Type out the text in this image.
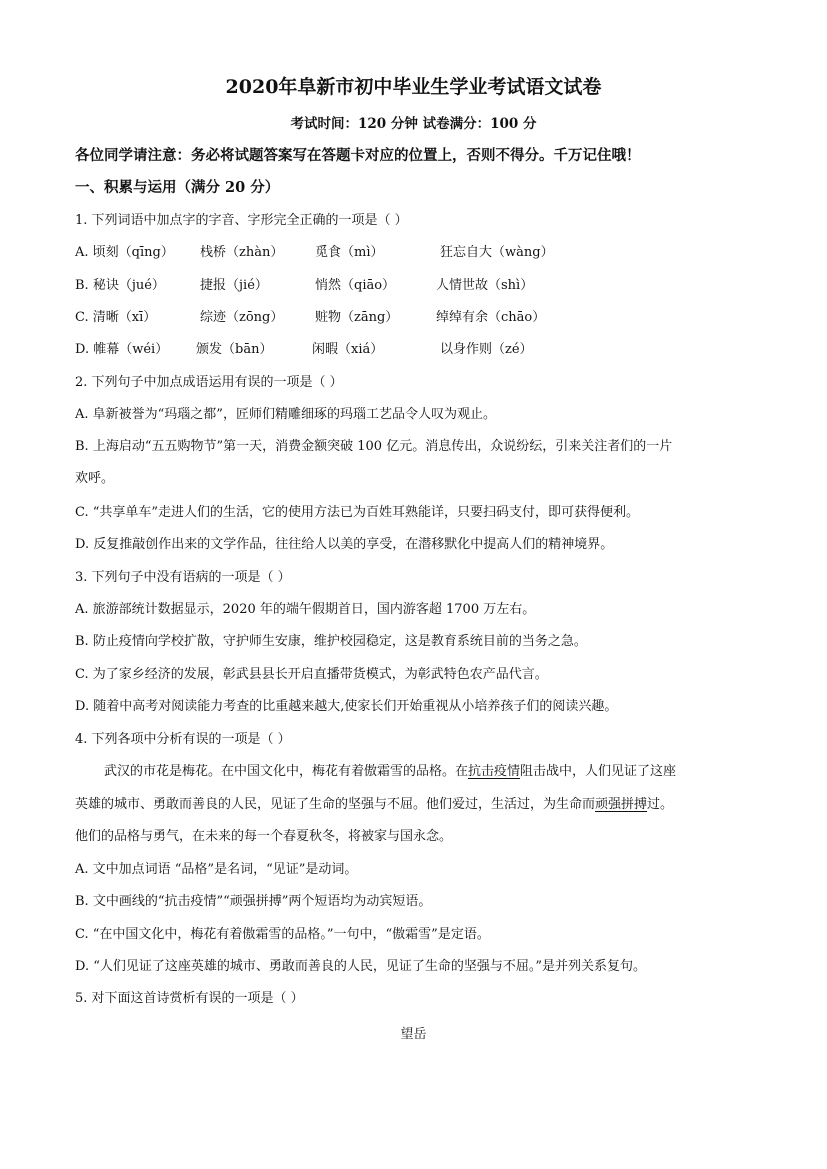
2020年阜新市初中毕业生学业考试语文试卷
考试时间：120 分钟 试卷满分：100 分
各位同学请注意：务必将试题答案写在答题卡对应的位置上，否则不得分。千万记住哦！
一、积累与运用（满分 20 分）
1. 下列词语中加点字的字音、字形完全正确的一项是（ ）
A. 顷刻（qīng） 栈桥（zhàn） 觅食（mì）	狂忘自大（wàng）
B. 秘诀（jué）	捷报（jié）	悄然（qiāo）	人情世故（shì）
C. 清晰（xī）	综迹（zōng） 赃物（zāng）	绰绰有余（chāo）
D. 帷幕（wéi） 颁发（bān）	闲暇（xiá）	以身作则（zé）
2. 下列句子中加点成语运用有误的一项是（ ）
A. 阜新被誉为“玛瑙之都”，匠师们精雕细琢的玛瑙工艺品令人叹为观止。
B. 上海启动“五五购物节”第一天，消费金额突破 100 亿元。消息传出，众说纷纭，引来关注者们的一片
欢呼。
C. “共享单车”走进人们的生活，它的使用方法已为百姓耳熟能详，只要扫码支付，即可获得便利。
D. 反复推敲创作出来的文学作品，往往给人以美的享受，在潜移默化中提高人们的精神境界。
3. 下列句子中没有语病的一项是（ ）
A. 旅游部统计数据显示，2020 年的端午假期首日，国内游客超 1700 万左右。
B. 防止疫情向学校扩散，守护师生安康，维护校园稳定，这是教育系统目前的当务之急。
C. 为了家乡经济的发展，彰武县县长开启直播带货模式，为彰武特色农产品代言。
D. 随着中高考对阅读能力考查的比重越来越大,使家长们开始重视从小培养孩子们的阅读兴趣。
4. 下列各项中分析有误的一项是（ ）
武汉的市花是梅花。在中国文化中，梅花有着傲霜雪的品格。在抗击疫情阻击战中，人们见证了这座
英雄的城市、勇敢而善良的人民，见证了生命的坚强与不屈。他们爱过，生活过，为生命而顽强拼搏过。
他们的品格与勇气，在未来的每一个春夏秋冬，将被家与国永念。
A. 文中加点词语 “品格”是名词，“见证”是动词。
B. 文中画线的“抗击疫情”“顽强拼搏”两个短语均为动宾短语。
C. “在中国文化中，梅花有着傲霜雪的品格。”一句中，“傲霜雪”是定语。
D. “人们见证了这座英雄的城市、勇敢而善良的人民，见证了生命的坚强与不屈。”是并列关系复句。
5. 对下面这首诗赏析有误的一项是（ ）
望岳
